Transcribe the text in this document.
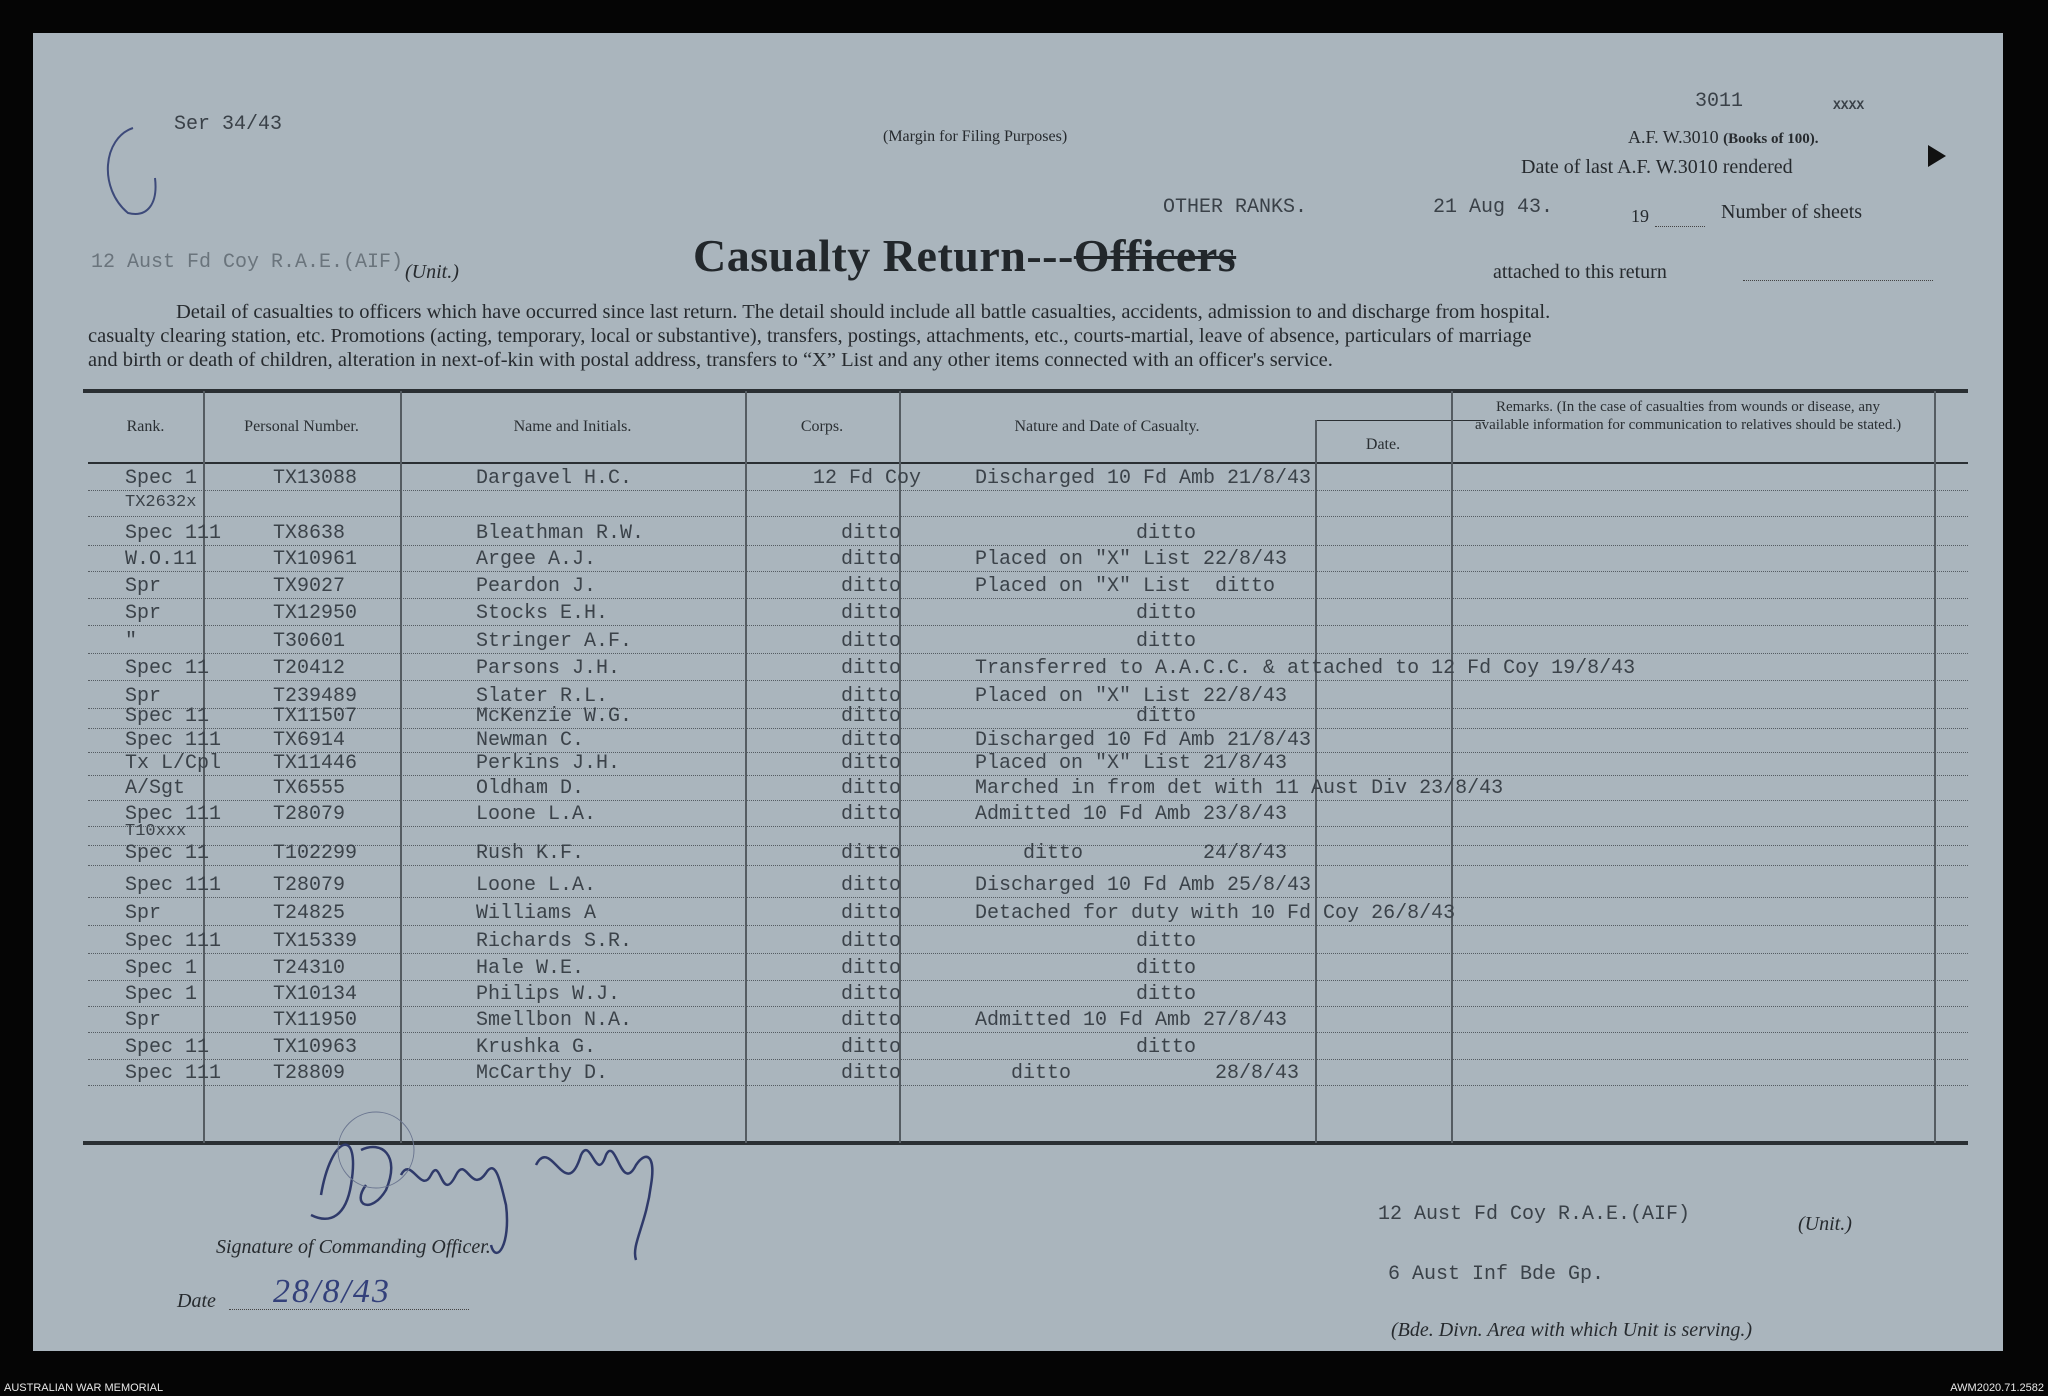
Ser 34/43
(Margin for Filing Purposes)
3011	XXXX
A.F. W.3010 (Books of 100).
Date of last A.F. W.3010 rendered
OTHER RANKS.	21 Aug 43.	19	Number of sheets
12 Aust Fd Coy R.A.E.(AIF) (Unit.)	Casualty Return---Officers	attached to this return
Detail of casualties to officers which have occurred since last return. The detail should include all battle casualties, accidents, admission to and discharge from hospital.
casualty clearing station, etc. Promotions (acting, temporary, local or substantive), transfers, postings, attachments, etc., courts-martial, leave of absence, particulars of marriage
and birth or death of children, alteration in next-of-kin with postal address, transfers to “X” List and any other items connected with an officer's service.
Rank.	Personal Number.	Name and Initials.	Corps.	Nature and Date of Casualty.
Date.
Remarks. (In the case of casualties from wounds or disease, any available information for communication to relatives should be stated.)
Spec 1	TX13088	Dargavel H.C.	12 Fd Coy	Discharged 10 Fd Amb 21/8/43
TX2632x
Spec 111	TX8638	Bleathman R.W.	ditto	ditto
W.O.11	TX10961	Argee A.J.	ditto	Placed on "X" List 22/8/43
Spr	TX9027	Peardon J.	ditto	Placed on "X" List  ditto
Spr	TX12950	Stocks E.H.	ditto	ditto
"	T30601	Stringer A.F.	ditto	ditto
Spec 11	T20412	Parsons J.H.	ditto	Transferred to A.A.C.C. & attached to 12 Fd Coy 19/8/43
Spr	T239489	Slater R.L.	ditto	Placed on "X" List 22/8/43
Spec 11	TX11507	McKenzie W.G.	ditto	ditto
Spec 111	TX6914	Newman C.	ditto	Discharged 10 Fd Amb 21/8/43
Tx L/Cpl	TX11446	Perkins J.H.	ditto	Placed on "X" List 21/8/43
A/Sgt	TX6555	Oldham D.	ditto	Marched in from det with 11 Aust Div 23/8/43
Spec 111	T28079	Loone L.A.	ditto	Admitted 10 Fd Amb 23/8/43
T10xxx
Spec 11	T102299	Rush K.F.	ditto	ditto          24/8/43
Spec 111	T28079	Loone L.A.	ditto	Discharged 10 Fd Amb 25/8/43
Spr	T24825	Williams A	ditto	Detached for duty with 10 Fd Coy 26/8/43
Spec 111	TX15339	Richards S.R.	ditto	ditto
Spec 1	T24310	Hale W.E.	ditto	ditto
Spec 1	TX10134	Philips W.J.	ditto	ditto
Spr	TX11950	Smellbon N.A.	ditto	Admitted 10 Fd Amb 27/8/43
Spec 11	TX10963	Krushka G.	ditto	ditto
Spec 111	T28809	McCarthy D.	ditto	ditto            28/8/43
Signature of Commanding Officer.
Date 28/8/43
12 Aust Fd Coy R.A.E.(AIF)	(Unit.)
6 Aust Inf Bde Gp.
(Bde. Divn. Area with which Unit is serving.)
AUSTRALIAN WAR MEMORIAL	AWM2020.71.2582
